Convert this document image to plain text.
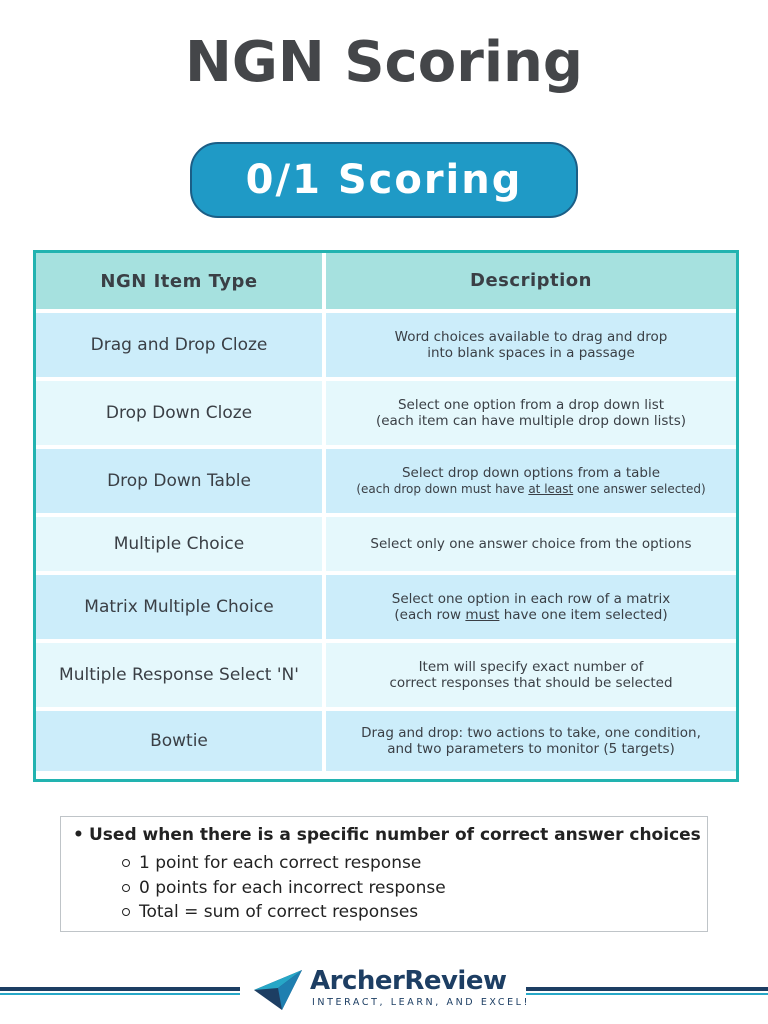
NGN Scoring
0/1 Scoring
NGN Item Type	Description
Drag and Drop Cloze	Word choices available to drag and drop
into blank spaces in a passage
Drop Down Cloze	Select one option from a drop down list
(each item can have multiple drop down lists)
Drop Down Table	Select drop down options from a table
(each drop down must have at least one answer selected)
Multiple Choice	Select only one answer choice from the options
Matrix Multiple Choice	Select one option in each row of a matrix
(each row must have one item selected)
Multiple Response Select 'N'	Item will specify exact number of
correct responses that should be selected
Bowtie	Drag and drop: two actions to take, one condition,
and two parameters to monitor (5 targets)
• Used when there is a specific number of correct answer choices
1 point for each correct response
0 points for each incorrect response
Total = sum of correct responses
ArcherReview
INTERACT, LEARN, AND EXCEL!
